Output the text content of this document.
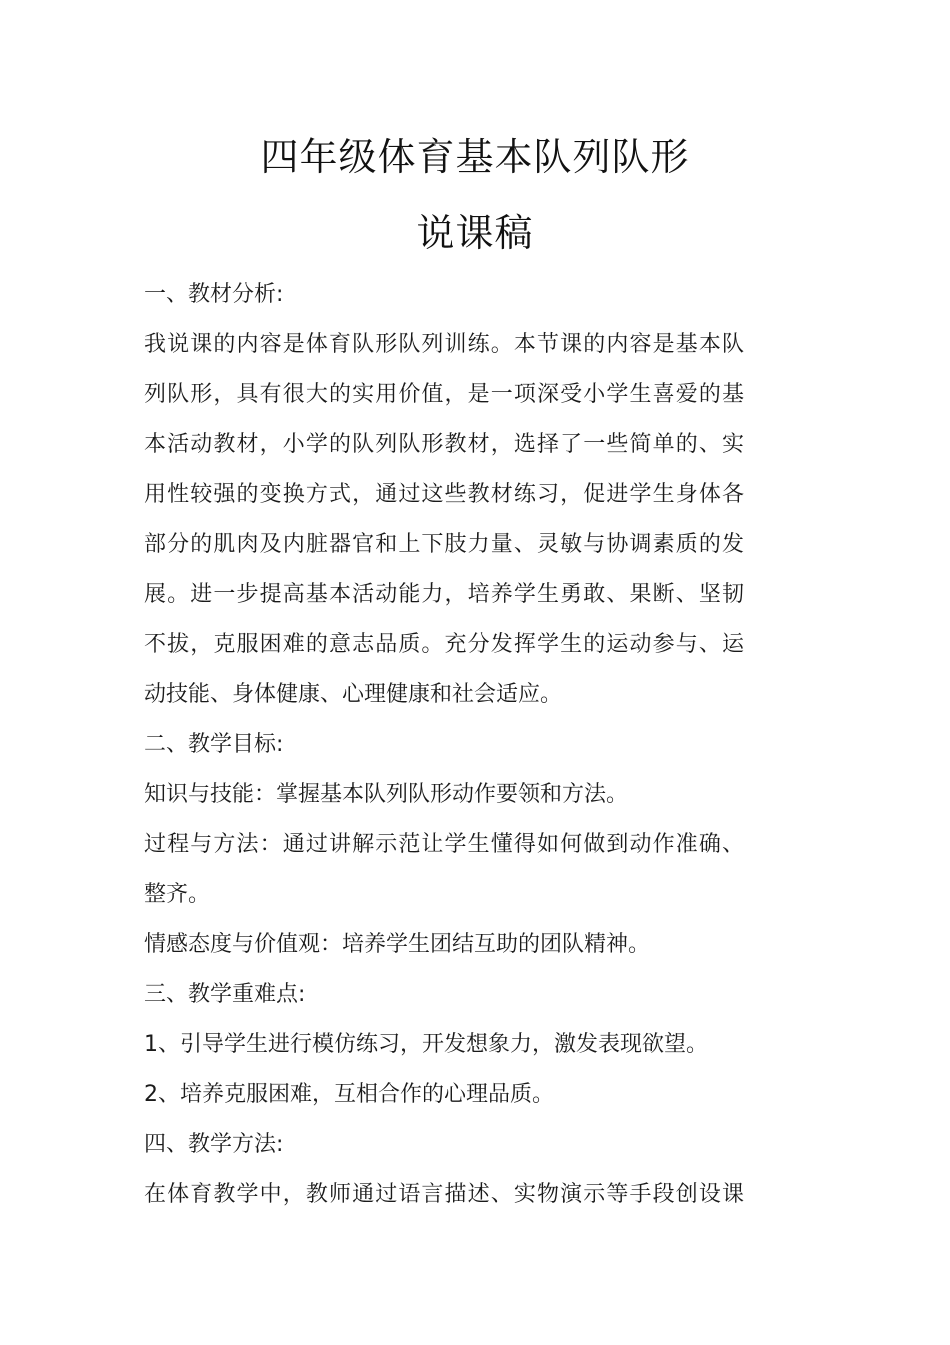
四年级体育基本队列队形
说课稿
一、教材分析:
我说课的内容是体育队形队列训练。本节课的内容是基本队
列队形，具有很大的实用价值，是一项深受小学生喜爱的基
本活动教材，小学的队列队形教材，选择了一些简单的、实
用性较强的变换方式，通过这些教材练习，促进学生身体各
部分的肌肉及内脏器官和上下肢力量、灵敏与协调素质的发
展。进一步提高基本活动能力，培养学生勇敢、果断、坚韧
不拔，克服困难的意志品质。充分发挥学生的运动参与、运
动技能、身体健康、心理健康和社会适应。
二、教学目标:
知识与技能：掌握基本队列队形动作要领和方法。
过程与方法：通过讲解示范让学生懂得如何做到动作准确、
整齐。
情感态度与价值观：培养学生团结互助的团队精神。
三、教学重难点:
1、引导学生进行模仿练习，开发想象力，激发表现欲望。
2、培养克服困难，互相合作的心理品质。
四、教学方法:
在体育教学中，教师通过语言描述、实物演示等手段创设课
